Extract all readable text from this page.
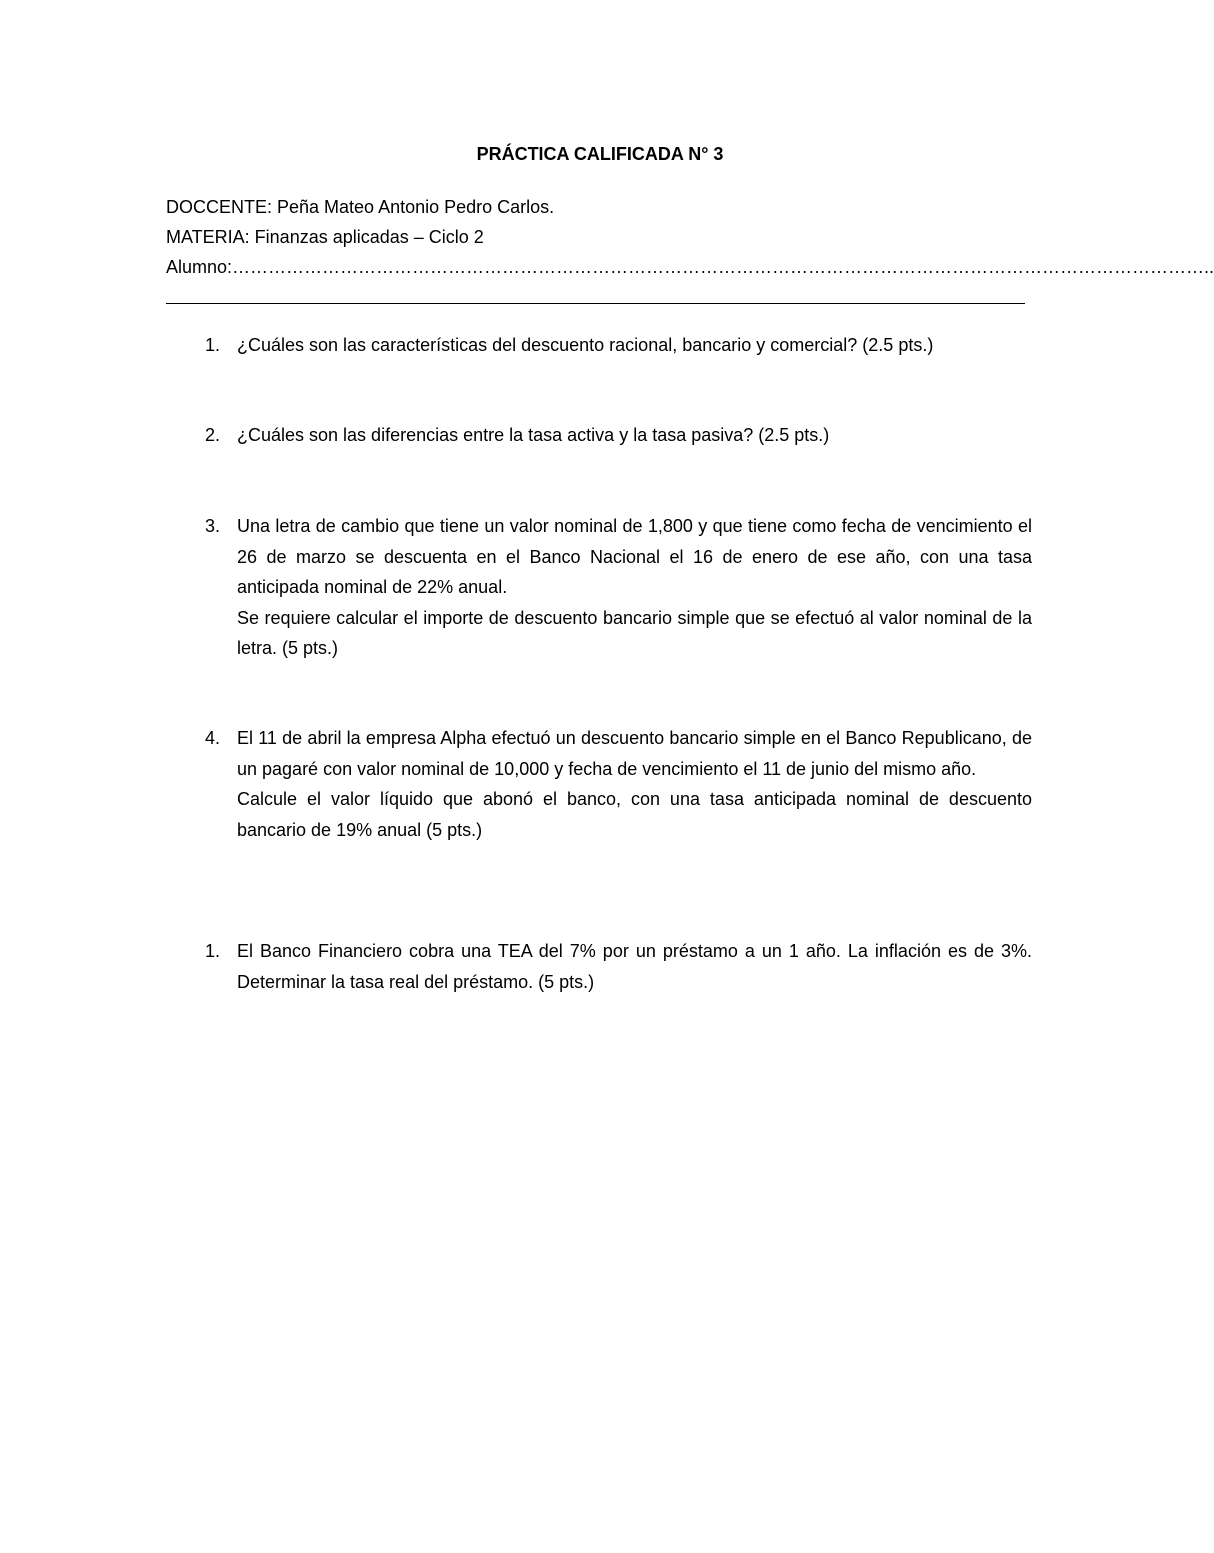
PRÁCTICA CALIFICADA N° 3
DOCCENTE: Peña Mateo Antonio Pedro Carlos.
MATERIA: Finanzas aplicadas – Ciclo 2
Alumno:………………………………………………………………………………………………………………………………………………..
1. ¿Cuáles son las características del descuento racional, bancario y comercial? (2.5 pts.)

2. ¿Cuáles son las diferencias entre la tasa activa y la tasa pasiva? (2.5 pts.)

3. Una letra de cambio que tiene un valor nominal de 1,800 y que tiene como fecha de vencimiento el 26 de marzo se descuenta en el Banco Nacional el 16 de enero de ese año, con una tasa anticipada nominal de 22% anual.

Se requiere calcular el importe de descuento bancario simple que se efectuó al valor nominal de la letra. (5 pts.)

4. El 11 de abril la empresa Alpha efectuó un descuento bancario simple en el Banco Republicano, de un pagaré con valor nominal de 10,000 y fecha de vencimiento el 11 de junio del mismo año.

Calcule el valor líquido que abonó el banco, con una tasa anticipada nominal de descuento bancario de 19% anual (5 pts.)

1. El Banco Financiero cobra una TEA del 7% por un préstamo a un 1 año. La inflación es de 3%. Determinar la tasa real del préstamo. (5 pts.)
